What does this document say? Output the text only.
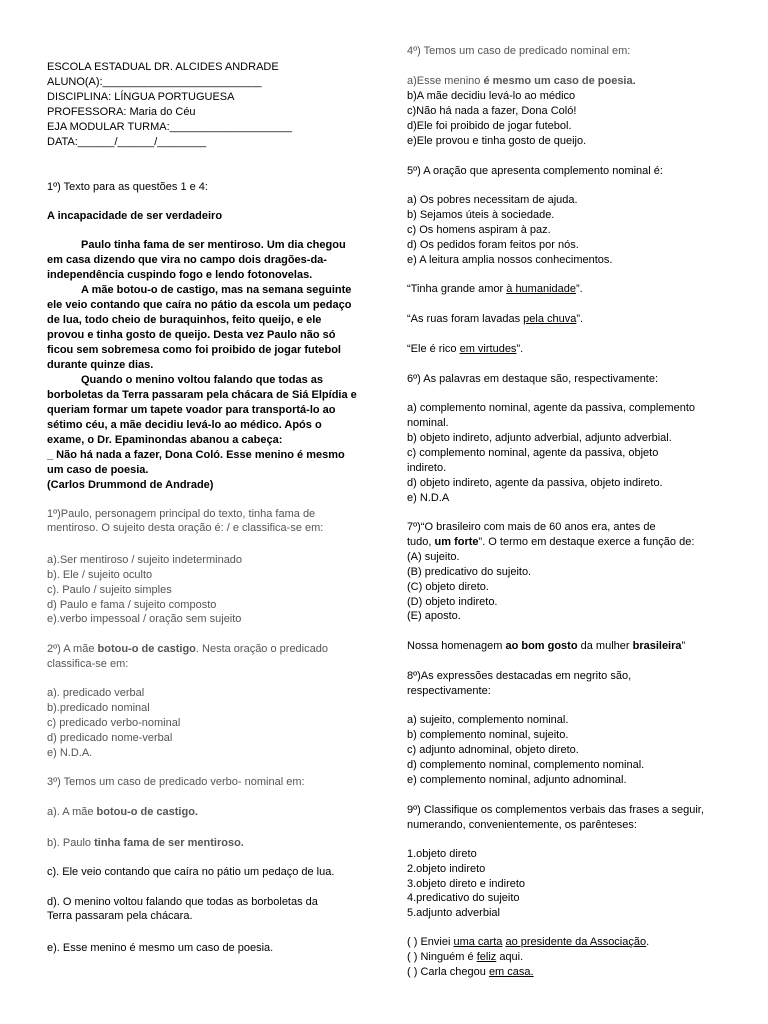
ESCOLA ESTADUAL DR. ALCIDES ANDRADE
ALUNO(A):__________________________
DISCIPLINA: LÍNGUA PORTUGUESA
PROFESSORA: Maria do Céu
EJA MODULAR TURMA:____________________
DATA:______/______/________
1º) Texto para as questões 1 e 4:
A incapacidade de ser verdadeiro
Paulo tinha fama de ser mentiroso. Um dia chegou
em casa dizendo que vira no campo dois dragões-da-
independência cuspindo fogo e lendo fotonovelas.
A mãe botou-o de castigo, mas na semana seguinte
ele veio contando que caíra no pátio da escola um pedaço
de lua, todo cheio de buraquinhos, feito queijo, e ele
provou e tinha gosto de queijo. Desta vez Paulo não só
ficou sem sobremesa como foi proibido de jogar futebol
durante quinze dias.
Quando o menino voltou falando que todas as
borboletas da Terra passaram pela chácara de Siá Elpídia e
queriam formar um tapete voador para transportá-lo ao
sétimo céu, a mãe decidiu levá-lo ao médico. Após o
exame, o Dr. Epaminondas abanou a cabeça:
_ Não há nada a fazer, Dona Coló. Esse menino é mesmo
um caso de poesia.
(Carlos Drummond de Andrade)
1º)Paulo, personagem principal do texto, tinha fama de
mentiroso. O sujeito desta oração é: / e classifica-se em:
a).Ser mentiroso / sujeito indeterminado
b). Ele / sujeito oculto
c). Paulo / sujeito simples
d) Paulo e fama / sujeito composto
e).verbo impessoal / oração sem sujeito
2º) A mãe botou-o de castigo. Nesta oração o predicado
classifica-se em:
a). predicado verbal
b).predicado nominal
c) predicado verbo-nominal
d) predicado nome-verbal
e) N.D.A.
3º) Temos um caso de predicado verbo- nominal em:
a). A mãe botou-o de castigo.
b). Paulo tinha fama de ser mentiroso.
c). Ele veio contando que caíra no pátio um pedaço de lua.
d). O menino voltou falando que todas as borboletas da
Terra passaram pela chácara.
e). Esse menino é mesmo um caso de poesia.
4º) Temos um caso de predicado nominal em:
a)Esse menino é mesmo um caso de poesia.
b)A mãe decidiu levá-lo ao médico
c)Não há nada a fazer, Dona Coló!
d)Ele foi proibido de jogar futebol.
e)Ele provou e tinha gosto de queijo.
5º) A oração que apresenta complemento nominal é:
a) Os pobres necessitam de ajuda.
b) Sejamos úteis à sociedade.
c) Os homens aspiram à paz.
d) Os pedidos foram feitos por nós.
e) A leitura amplia nossos conhecimentos.
“Tinha grande amor à humanidade”.
“As ruas foram lavadas pela chuva”.
“Ele é rico em virtudes”.
6º) As palavras em destaque são, respectivamente:
a) complemento nominal, agente da passiva, complemento
nominal.
b) objeto indireto, adjunto adverbial, adjunto adverbial.
c) complemento nominal, agente da passiva, objeto
indireto.
d) objeto indireto, agente da passiva, objeto indireto.
e) N.D.A
7º)“O brasileiro com mais de 60 anos era, antes de
tudo, um forte”. O termo em destaque exerce a função de:
(A) sujeito.
(B) predicativo do sujeito.
(C) objeto direto.
(D) objeto indireto.
(E) aposto.
Nossa homenagem ao bom gosto da mulher brasileira”
8º)As expressões destacadas em negrito são,
respectivamente:
a) sujeito, complemento nominal.
b) complemento nominal, sujeito.
c) adjunto adnominal, objeto direto.
d) complemento nominal, complemento nominal.
e) complemento nominal, adjunto adnominal.
9º) Classifique os complementos verbais das frases a seguir,
numerando, convenientemente, os parênteses:
1.objeto direto
2.objeto indireto
3.objeto direto e indireto
4.predicativo do sujeito
5.adjunto adverbial
( ) Enviei uma carta ao presidente da Associação.
( ) Ninguém é feliz aqui.
( ) Carla chegou em casa.
